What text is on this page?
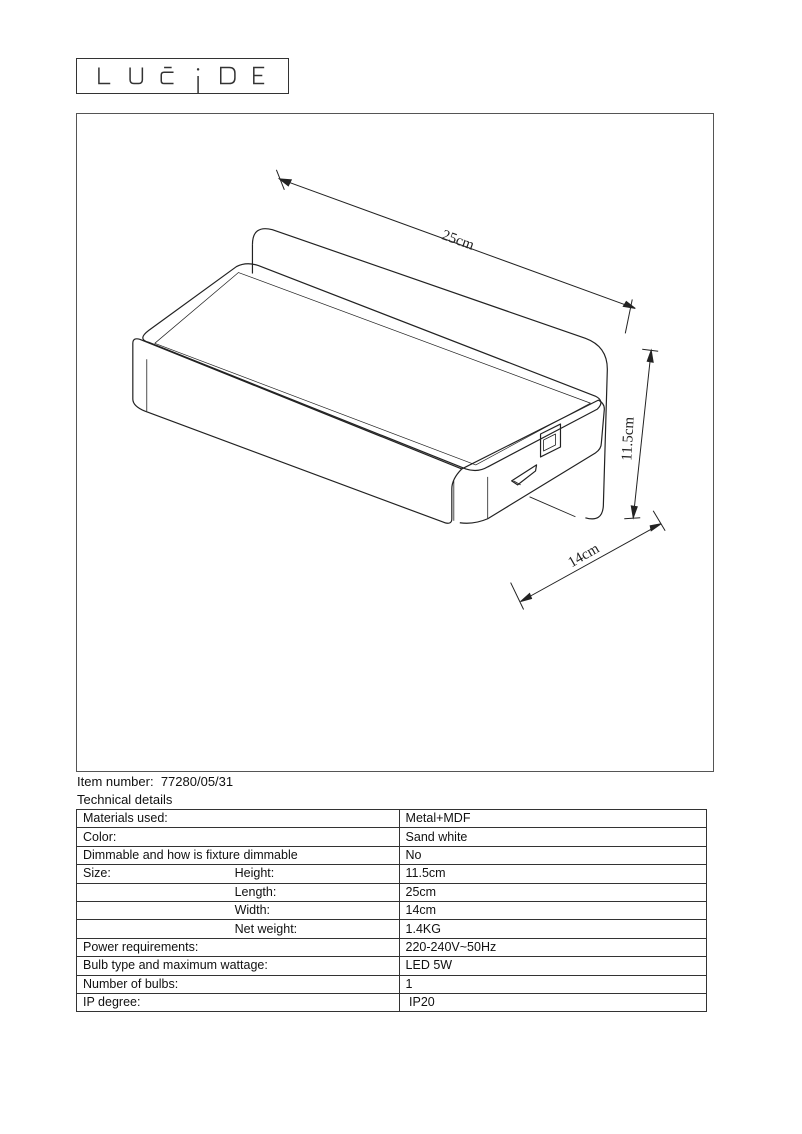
25cm
11.5cm
14cm
Item number: 77280/05/31
Technical details
Materials used:		Metal+MDF
Color:		Sand white
Dimmable and how is fixture dimmable		No
Size:	Height:	11.5cm
	Length:	25cm
	Width:	14cm
	Net weight:	1.4KG
Power requirements:		220-240V~50Hz
Bulb type and maximum wattage:		LED 5W
Number of bulbs:		1
IP degree:		IP20
